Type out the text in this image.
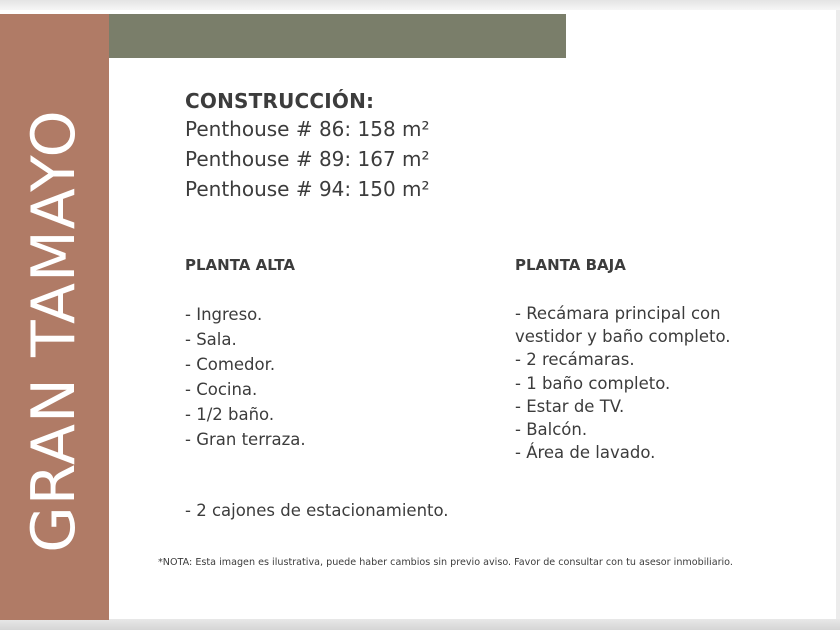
GRAN TAMAYO
CONSTRUCCIÓN:
Penthouse # 86: 158 m²
Penthouse # 89: 167 m²
Penthouse # 94: 150 m²
PLANTA ALTA
- Ingreso.
- Sala.
- Comedor.
- Cocina.
- 1/2 baño.
- Gran terraza.
PLANTA BAJA
- Recámara principal con
vestidor y baño completo.
- 2 recámaras.
- 1 baño completo.
- Estar de TV.
- Balcón.
- Área de lavado.
- 2 cajones de estacionamiento.
*NOTA: Esta imagen es ilustrativa, puede haber cambios sin previo aviso. Favor de consultar con tu asesor inmobiliario.
